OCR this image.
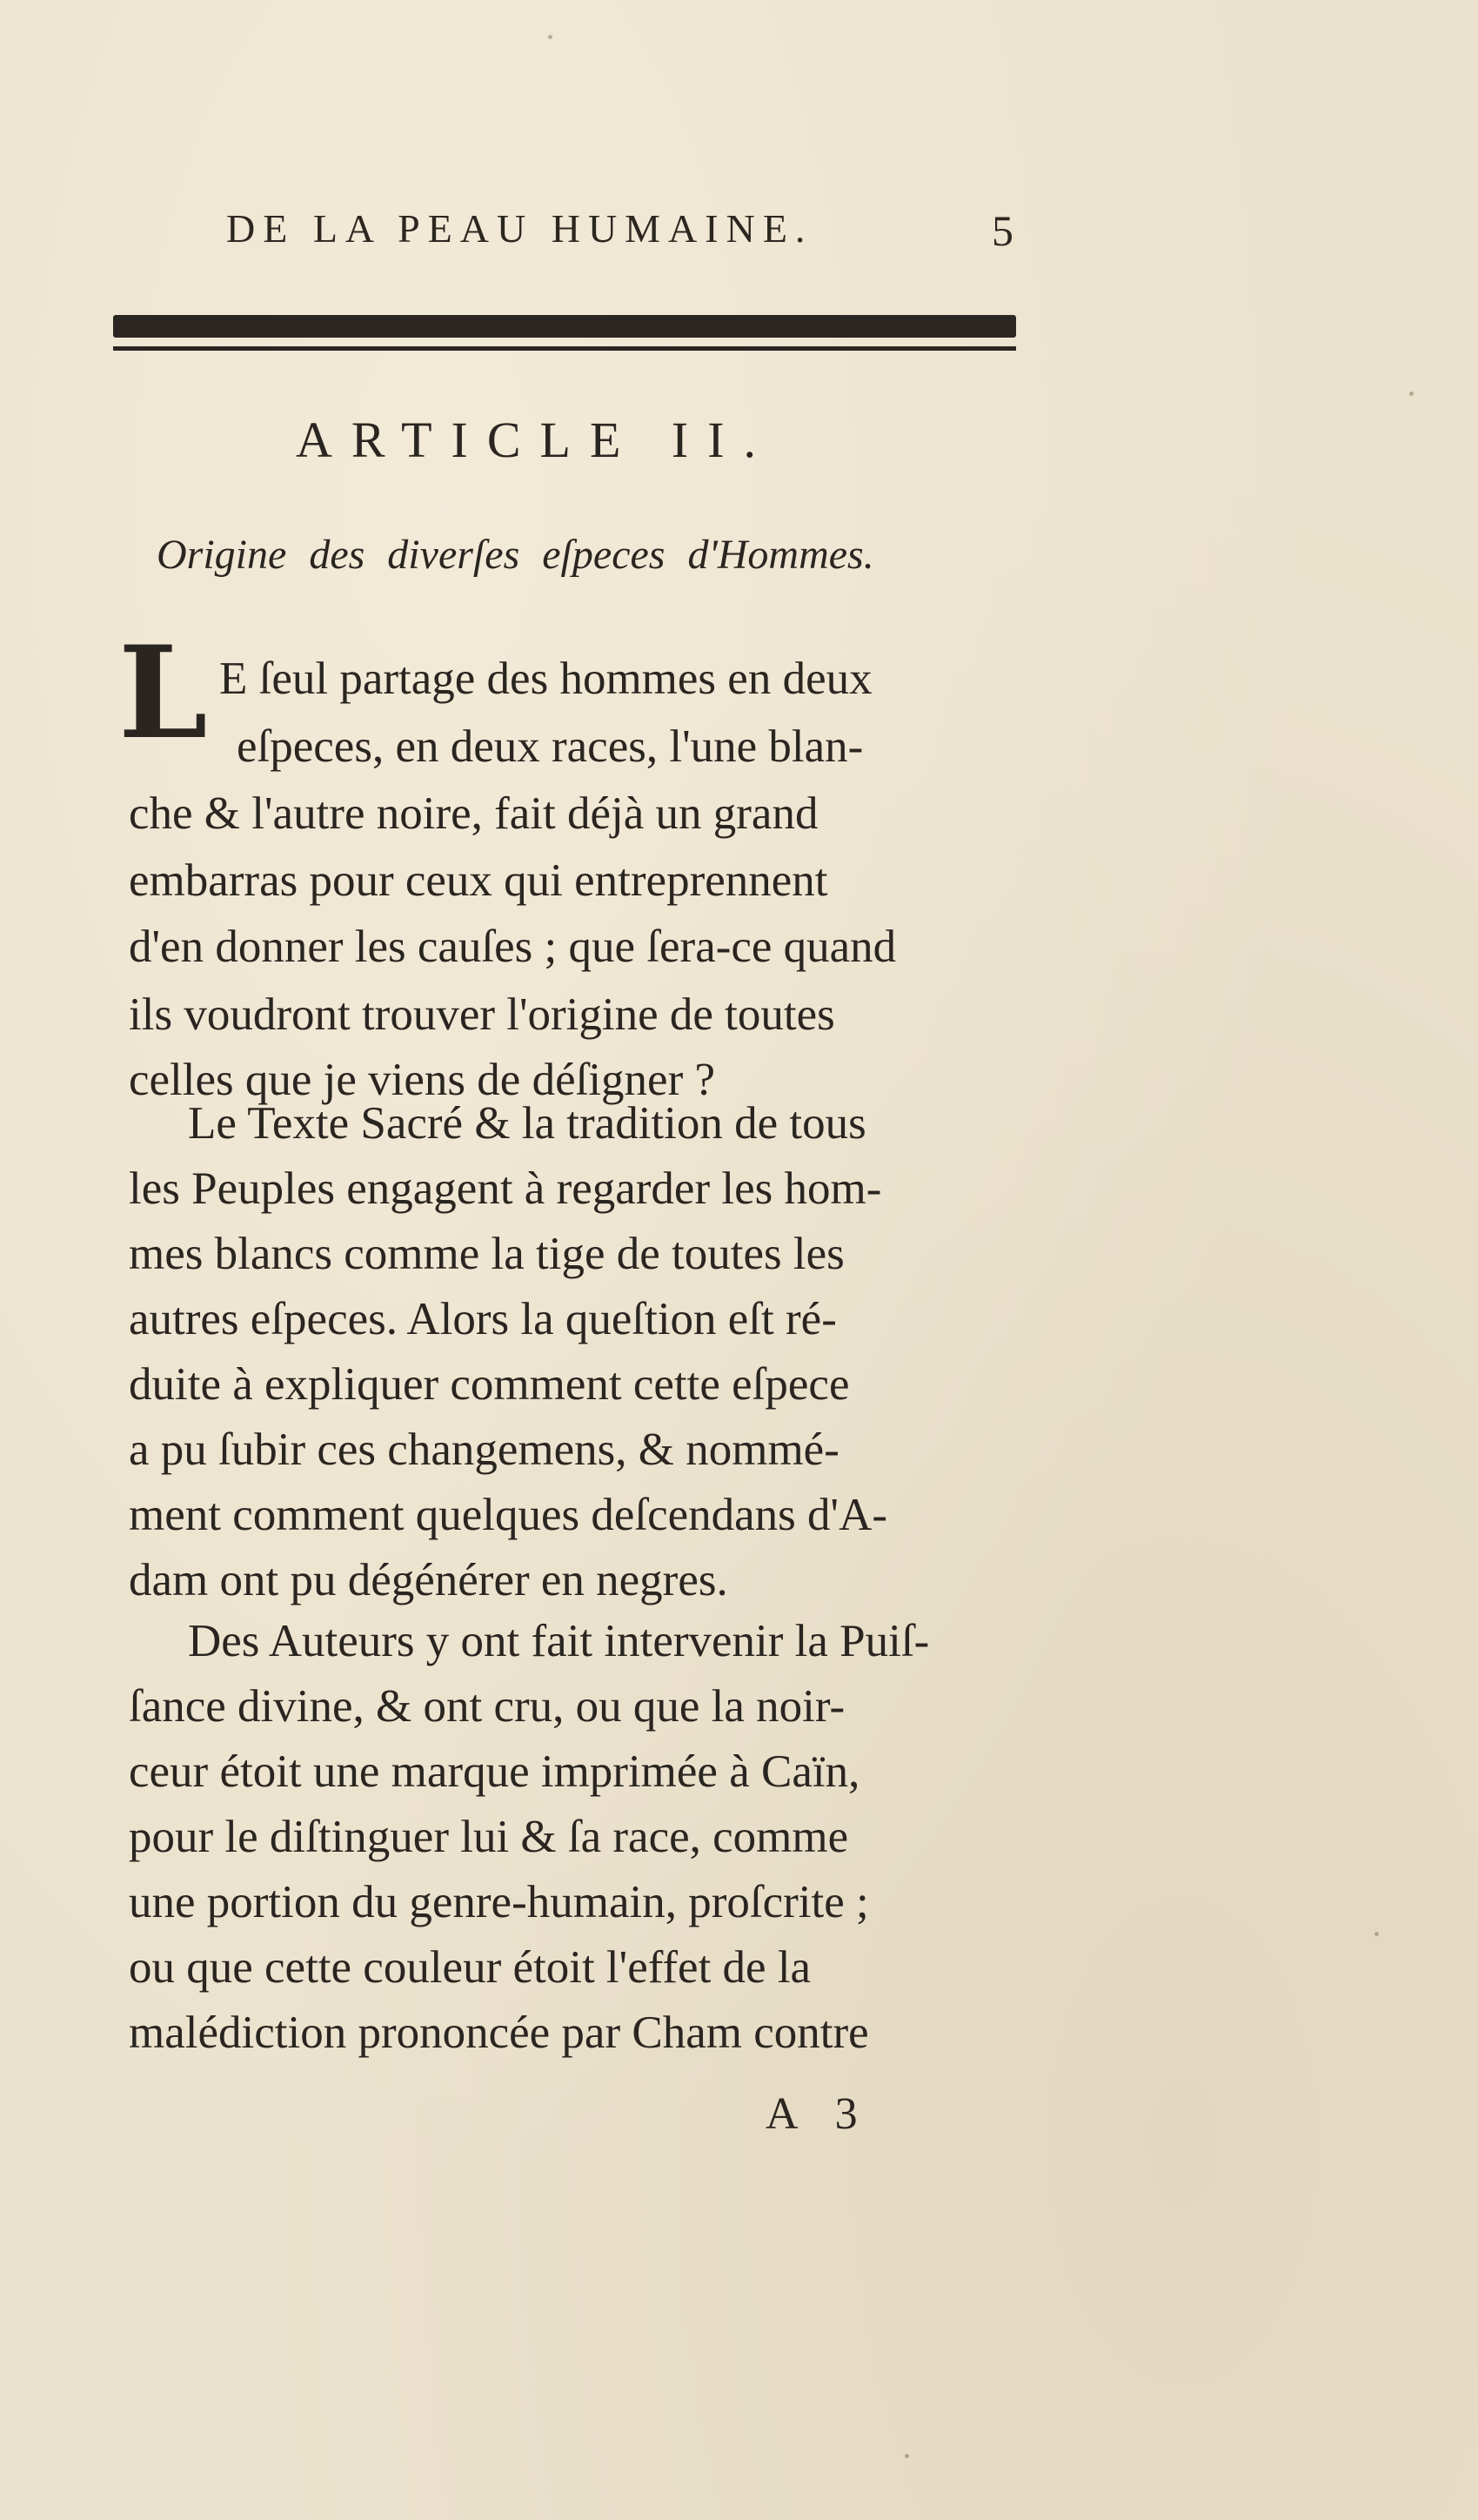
DE LA PEAU HUMAINE.	5
ARTICLE II.
Origine des diverſes eſpeces d'Hommes.
L E ſeul partage des hommes en deux
eſpeces, en deux races, l'une blan-
che & l'autre noire, fait déjà un grand
embarras pour ceux qui entreprennent
d'en donner les cauſes ; que ſera-ce quand
ils voudront trouver l'origine de toutes
celles que je viens de déſigner ?
Le Texte Sacré & la tradition de tous
les Peuples engagent à regarder les hom-
mes blancs comme la tige de toutes les
autres eſpeces. Alors la queſtion eſt ré-
duite à expliquer comment cette eſpece
a pu ſubir ces changemens, & nommé-
ment comment quelques deſcendans d'A-
dam ont pu dégénérer en negres.
Des Auteurs y ont fait intervenir la Puiſ-
ſance divine, & ont cru, ou que la noir-
ceur étoit une marque imprimée à Caïn,
pour le diſtinguer lui & ſa race, comme
une portion du genre-humain, proſcrite ;
ou que cette couleur étoit l'effet de la
malédiction prononcée par Cham contre
A 3
